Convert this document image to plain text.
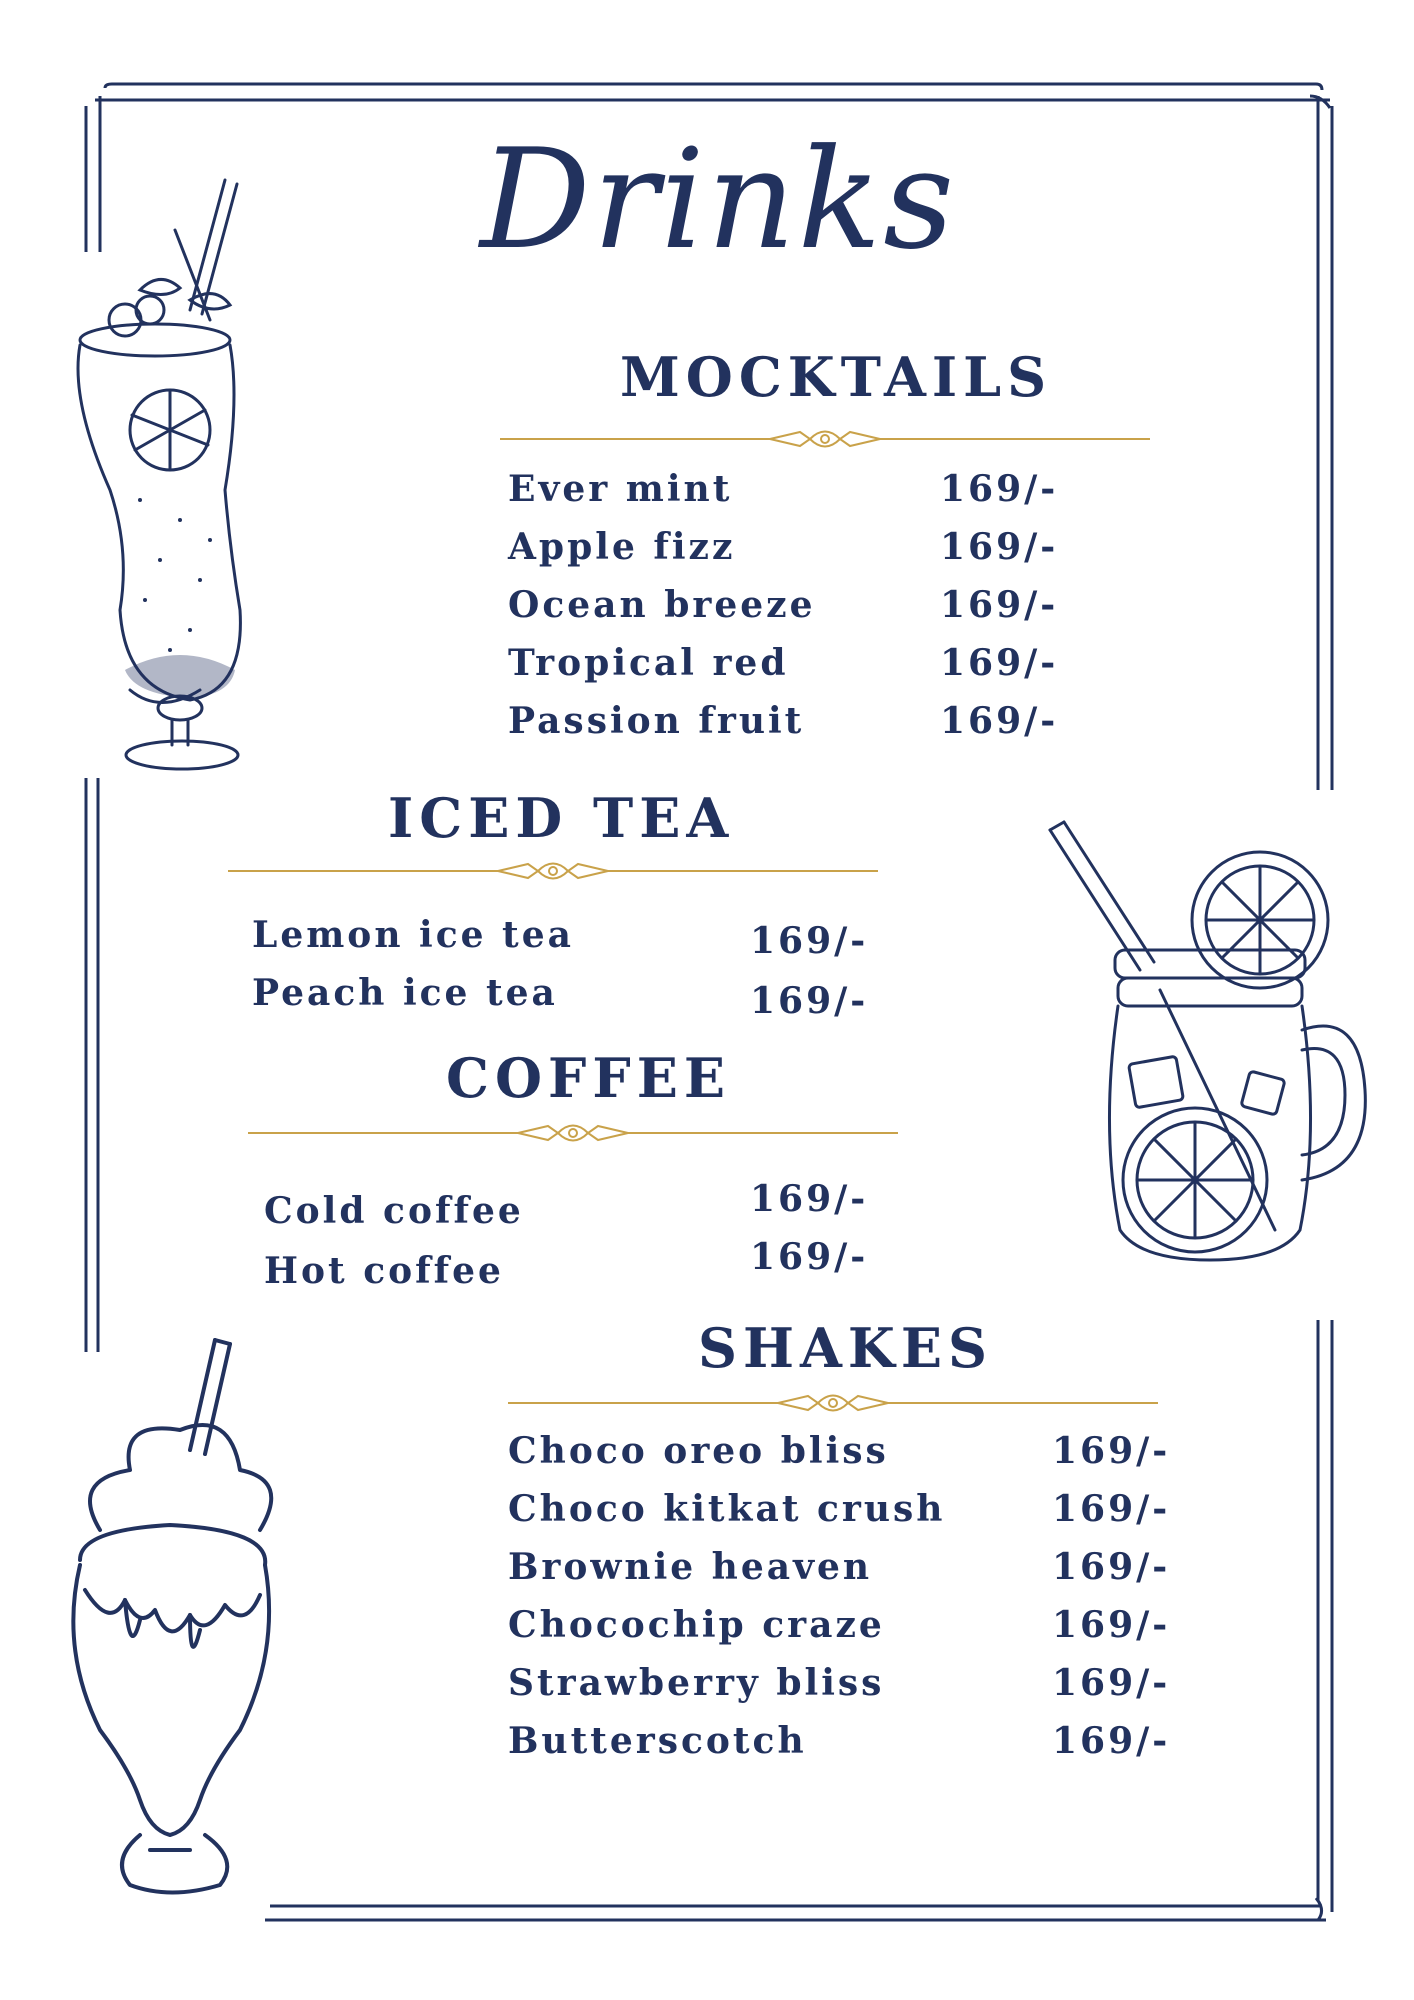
Drinks
MOCKTAILS
Ever mint	169/-
Apple fizz	169/-
Ocean breeze	169/-
Tropical red	169/-
Passion fruit	169/-
ICED TEA
Lemon ice tea	169/-
Peach ice tea	169/-
COFFEE
Cold coffee	169/-
Hot coffee	169/-
SHAKES
Choco oreo bliss	169/-
Choco kitkat crush	169/-
Brownie heaven	169/-
Chocochip craze	169/-
Strawberry bliss	169/-
Butterscotch	169/-
